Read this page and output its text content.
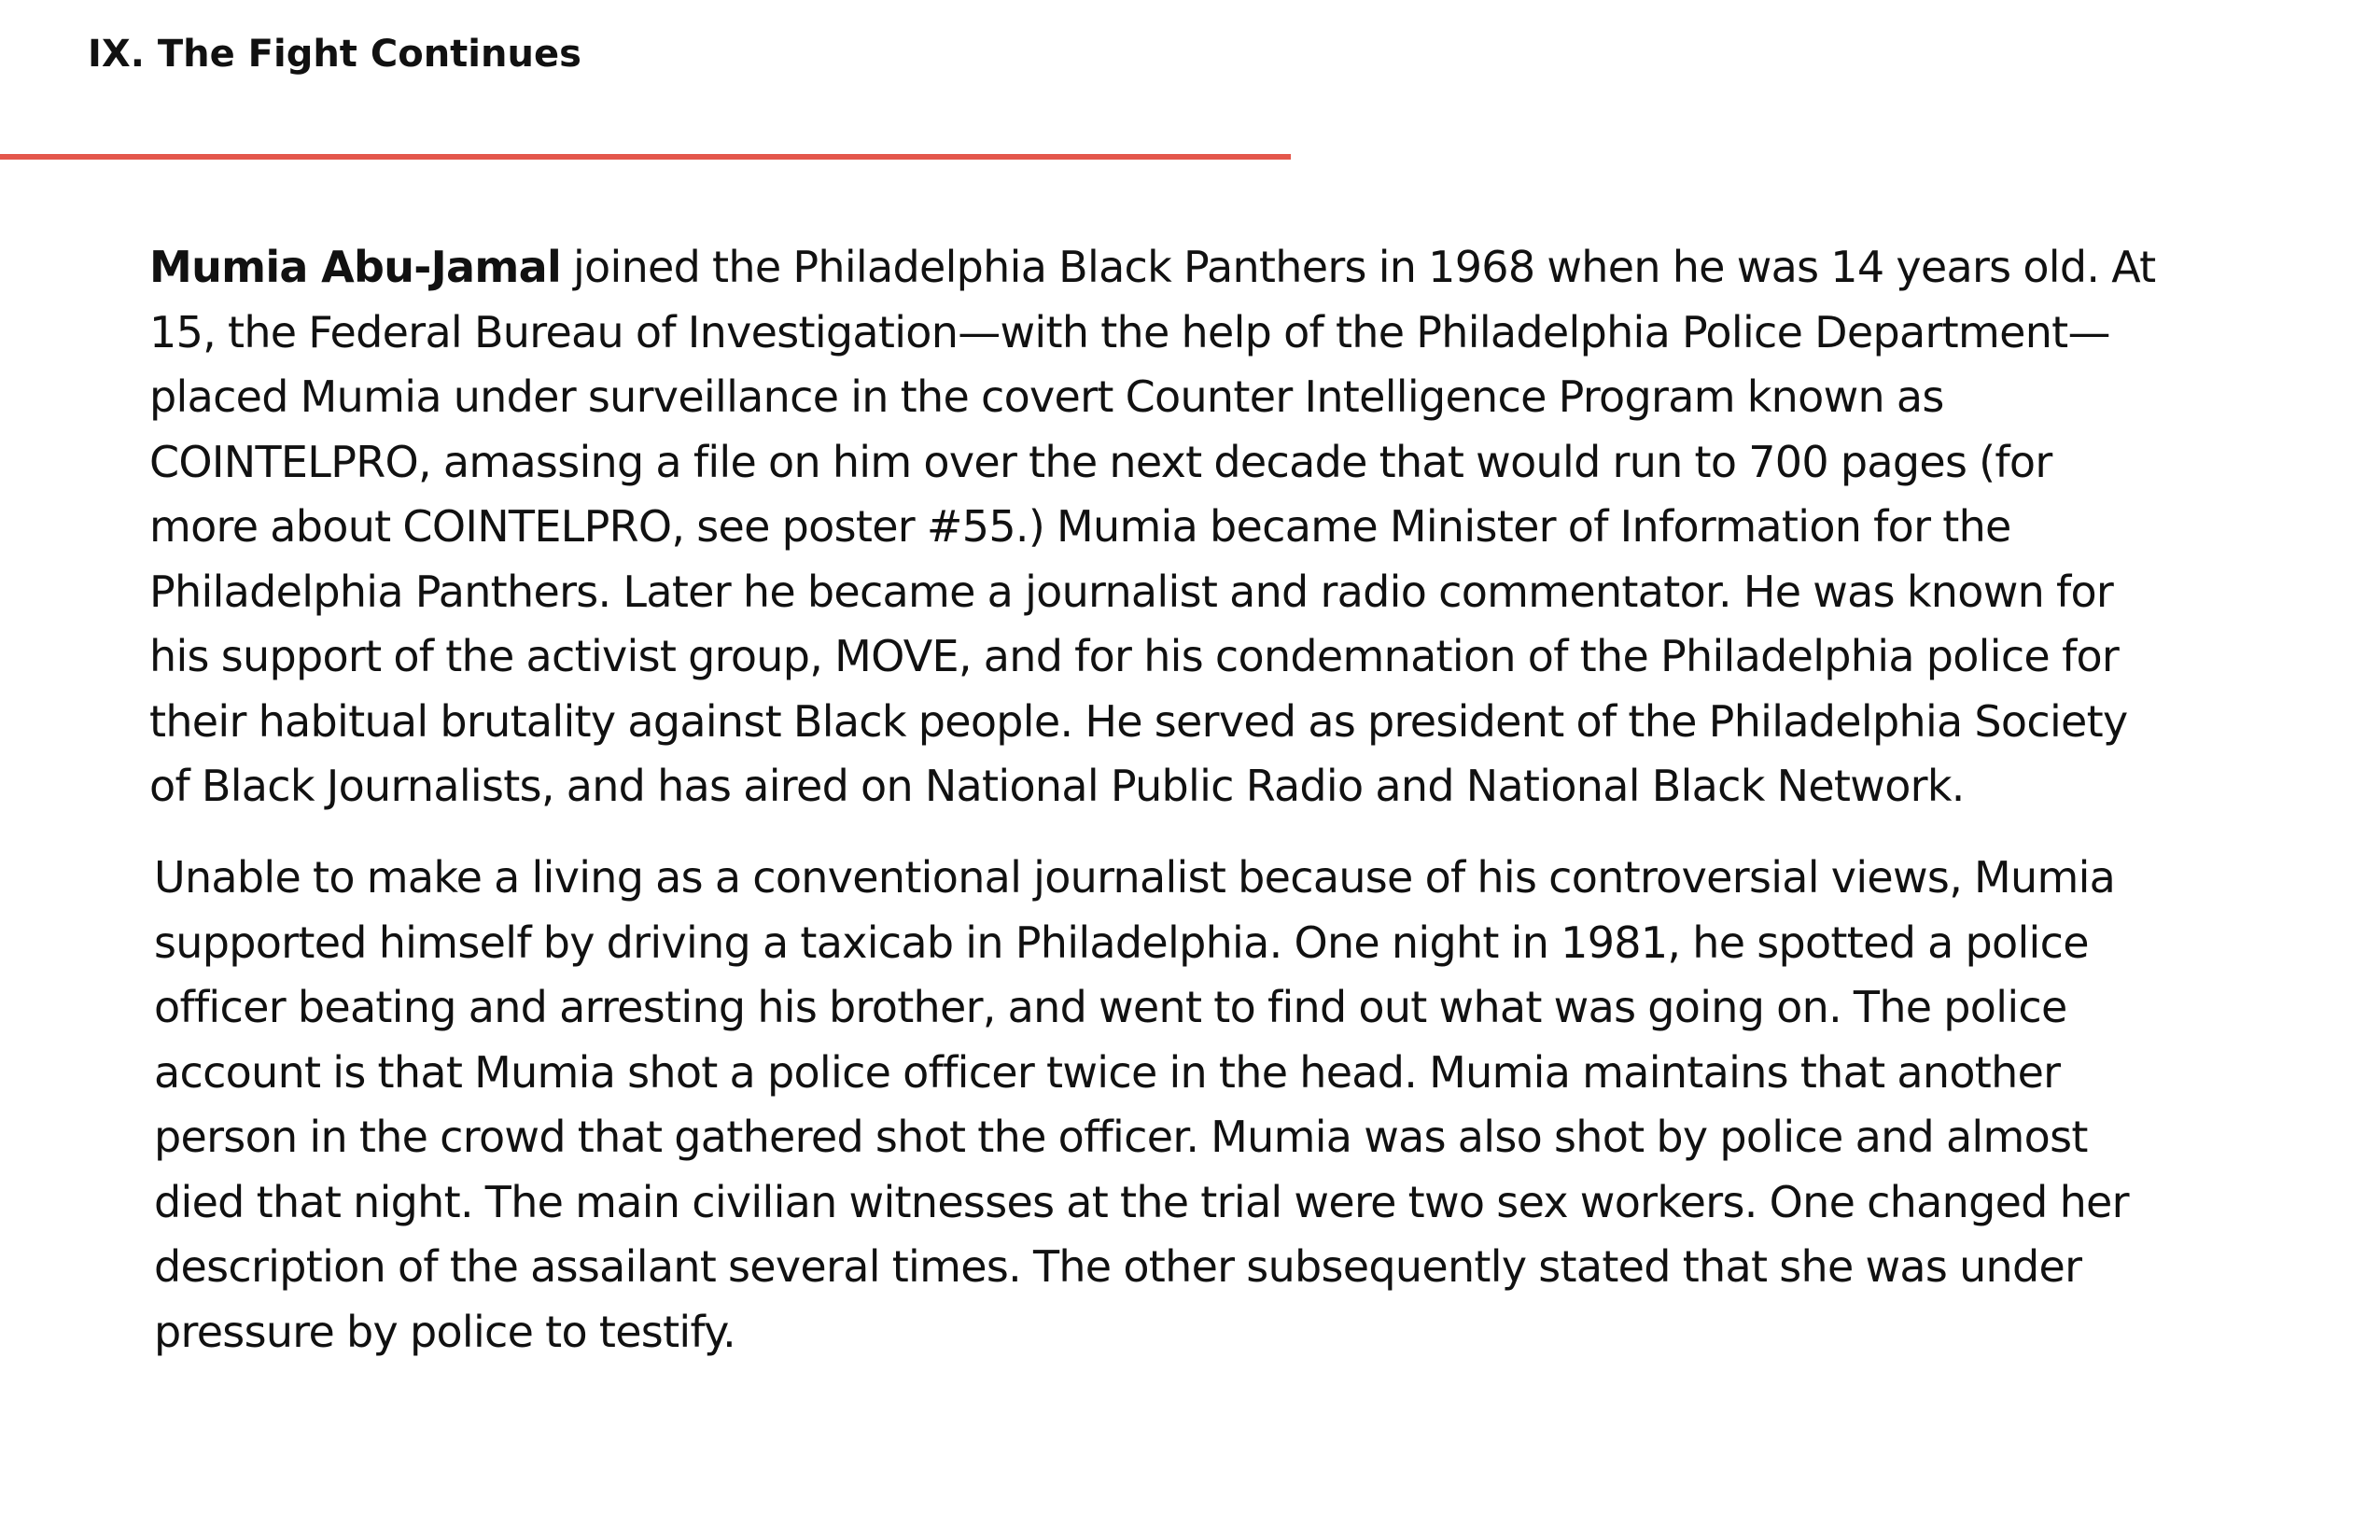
IX. The Fight Continues

Mumia Abu-Jamal joined the Philadelphia Black Panthers in 1968 when he was 14 years old. At
15, the Federal Bureau of Investigation—with the help of the Philadelphia Police Department—
placed Mumia under surveillance in the covert Counter Intelligence Program known as
COINTELPRO, amassing a file on him over the next decade that would run to 700 pages (for
more about COINTELPRO, see poster #55.) Mumia became Minister of Information for the
Philadelphia Panthers. Later he became a journalist and radio commentator. He was known for
his support of the activist group, MOVE, and for his condemnation of the Philadelphia police for
their habitual brutality against Black people. He served as president of the Philadelphia Society
of Black Journalists, and has aired on National Public Radio and National Black Network.

Unable to make a living as a conventional journalist because of his controversial views, Mumia
supported himself by driving a taxicab in Philadelphia. One night in 1981, he spotted a police
officer beating and arresting his brother, and went to find out what was going on. The police
account is that Mumia shot a police officer twice in the head. Mumia maintains that another
person in the crowd that gathered shot the officer. Mumia was also shot by police and almost
died that night. The main civilian witnesses at the trial were two sex workers. One changed her
description of the assailant several times. The other subsequently stated that she was under
pressure by police to testify.
